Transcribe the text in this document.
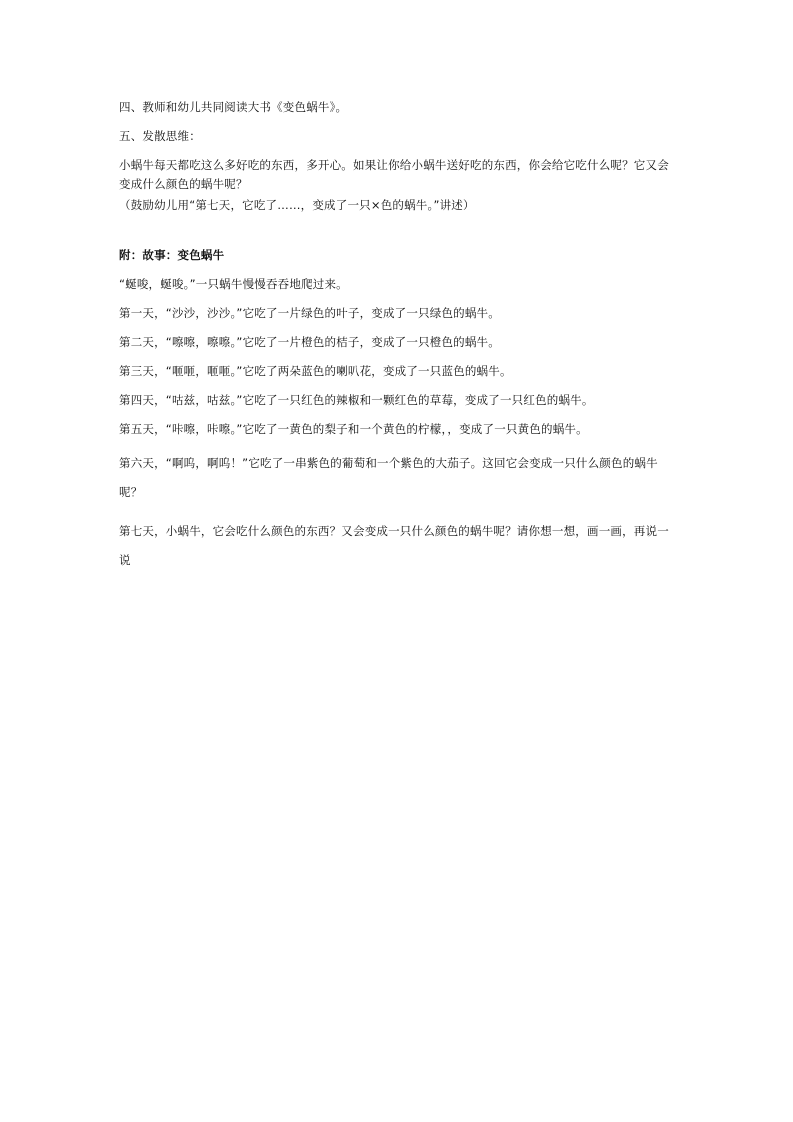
四、教师和幼儿共同阅读大书《变色蜗牛》。
五、发散思维：
小蜗牛每天都吃这么多好吃的东西，多开心。如果让你给小蜗牛送好吃的东西，你会给它吃什么呢？它又会变成什么颜色的蜗牛呢？
（鼓励幼儿用“第七天，它吃了……，变成了一只×色的蜗牛。”讲述）
附：故事：变色蜗牛
“蜒唆，蜒唆。”一只蜗牛慢慢吞吞地爬过来。
第一天，“沙沙，沙沙。”它吃了一片绿色的叶子，变成了一只绿色的蜗牛。
第二天，“嚓嚓，嚓嚓。”它吃了一片橙色的桔子，变成了一只橙色的蜗牛。
第三天，“咂咂，咂咂。”它吃了两朵蓝色的喇叭花，变成了一只蓝色的蜗牛。
第四天，“咕兹，咕兹。”它吃了一只红色的辣椒和一颗红色的草莓，变成了一只红色的蜗牛。
第五天，“咔嚓，咔嚓。”它吃了一黄色的梨子和一个黄色的柠檬，，变成了一只黄色的蜗牛。
第六天，“啊呜，啊呜！”它吃了一串紫色的葡萄和一个紫色的大茄子。这回它会变成一只什么颜色的蜗牛呢？
第七天，小蜗牛，它会吃什么颜色的东西？又会变成一只什么颜色的蜗牛呢？请你想一想，画一画，再说一说
